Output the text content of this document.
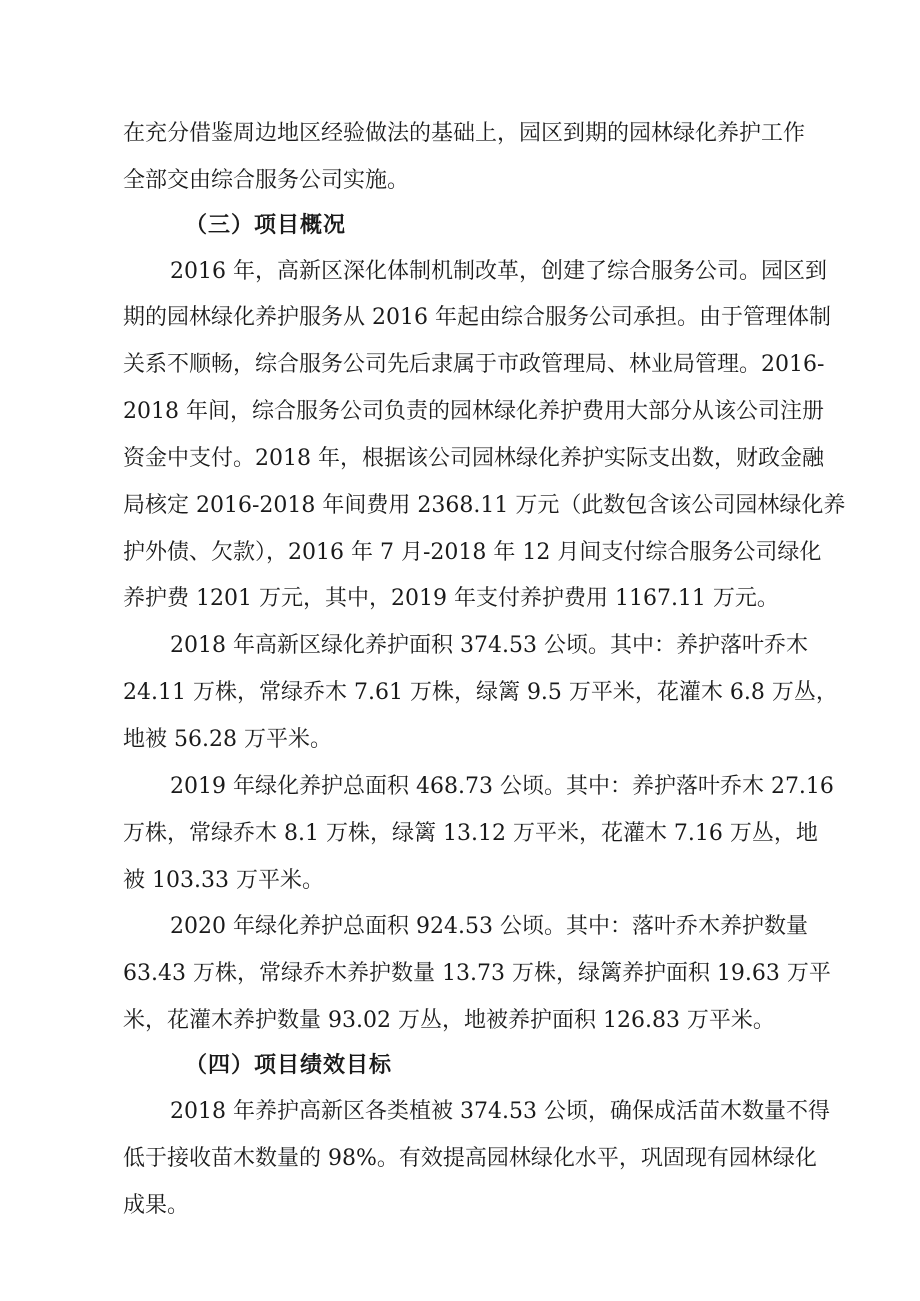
在充分借鉴周边地区经验做法的基础上，园区到期的园林绿化养护工作
全部交由综合服务公司实施。
（三）项目概况
2016 年，高新区深化体制机制改革，创建了综合服务公司。园区到
期的园林绿化养护服务从 2016 年起由综合服务公司承担。由于管理体制
关系不顺畅，综合服务公司先后隶属于市政管理局、林业局管理。2016-
2018 年间，综合服务公司负责的园林绿化养护费用大部分从该公司注册
资金中支付。2018 年，根据该公司园林绿化养护实际支出数，财政金融
局核定 2016-2018 年间费用 2368.11 万元（此数包含该公司园林绿化养
护外债、欠款），2016 年 7 月-2018 年 12 月间支付综合服务公司绿化
养护费 1201 万元，其中，2019 年支付养护费用 1167.11 万元。
2018 年高新区绿化养护面积 374.53 公顷。其中：养护落叶乔木
24.11 万株，常绿乔木 7.61 万株，绿篱 9.5 万平米，花灌木 6.8 万丛，
地被 56.28 万平米。
2019 年绿化养护总面积 468.73 公顷。其中：养护落叶乔木 27.16
万株，常绿乔木 8.1 万株，绿篱 13.12 万平米，花灌木 7.16 万丛，地
被 103.33 万平米。
2020 年绿化养护总面积 924.53 公顷。其中：落叶乔木养护数量
63.43 万株，常绿乔木养护数量 13.73 万株，绿篱养护面积 19.63 万平
米，花灌木养护数量 93.02 万丛，地被养护面积 126.83 万平米。
（四）项目绩效目标
2018 年养护高新区各类植被 374.53 公顷，确保成活苗木数量不得
低于接收苗木数量的 98%。有效提高园林绿化水平，巩固现有园林绿化
成果。
